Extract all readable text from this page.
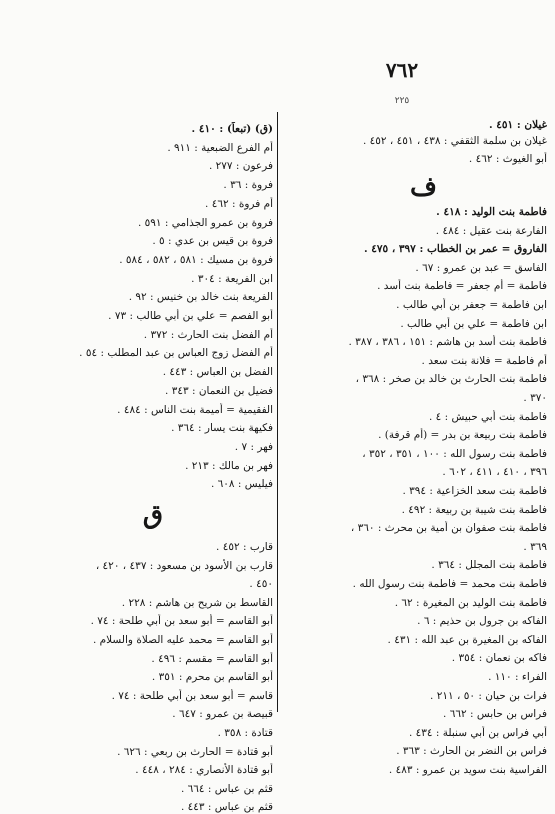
٧٦٢
٢٢٥
غيلان : ٤٥١ .
غيلان بن سلمة الثقفي : ٤٣٨ ، ٤٥١ ، ٤٥٢ .
أبو الغيوث : ٤٦٢ .
ف
فاطمة بنت الوليد : ٤١٨ .
الفارعة بنت عقيل : ٤٨٤ .
الفاروق = عمر بن الخطاب : ٣٩٧ ، ٤٧٥ .
الفاسق = عبد بن عمرو : ٦٧ .
فاطمة = أم جعفر = فاطمة بنت أسد .
ابن فاطمة = جعفر بن أبي طالب .
ابن فاطمة = علي بن أبي طالب .
فاطمة بنت أسد بن هاشم : ١٥١ ، ٣٨٦ ، ٣٨٧ .
أم فاطمة = فلانة بنت سعد .
فاطمة بنت الحارث بن خالد بن صخر : ٣٦٨ ،
٣٧٠ .
فاطمة بنت أبي حبيش : ٤ .
فاطمة بنت ربيعة بن بدر = (أم قرفة) .
فاطمة بنت رسول الله : ١٠٠ ، ٣٥١ ، ٣٥٢ ،
٣٩٦ ، ٤١٠ ، ٤١١ ، ٦٠٢ .
فاطمة بنت سعد الخزاعية : ٣٩٤ .
فاطمة بنت شيبة بن ربيعة : ٤٩٢ .
فاطمة بنت صفوان بن أمية بن محرث : ٣٦٠ ،
٣٦٩ .
فاطمة بنت المجلل : ٣٦٤ .
فاطمة بنت محمد = فاطمة بنت رسول الله .
فاطمة بنت الوليد بن المغيرة : ٦٢ .
الفاكه بن جرول بن حذيم : ٦ .
الفاكه بن المغيرة بن عبد الله : ٤٣١ .
فاكه بن نعمان : ٣٥٤ .
الفراء : ١١٠ .
فرات بن حيان : ٥٠ ، ٢١١ .
فراس بن حابس : ٦٦٢ .
أبي فراس بن أبي سنبلة : ٤٣٤ .
فراس بن النضر بن الحارث : ٣٦٣ .
الفراسية بنت سويد بن عمرو : ٤٨٣ .
(ق) (تبعاً) : ٤١٠ .
أم الفرع الضبعية : ٩١١ .
فرعون : ٢٧٧ .
فروة : ٣٦ .
أم فروة : ٤٦٢ .
فروة بن عمرو الجذامي : ٥٩١ .
فروة بن قيس بن عدي : ٥ .
فروة بن مسيك : ٥٨١ ، ٥٨٢ ، ٥٨٤ .
ابن الفريعة : ٣٠٤ .
الفريعة بنت خالد بن خنيس : ٩٢ .
أبو الفصم = علي بن أبي طالب : ٧٣ .
أم الفضل بنت الحارث : ٣٧٢ .
أم الفضل زوج العباس بن عبد المطلب : ٥٤ .
الفضل بن العباس : ٤٤٣ .
فضيل بن النعمان : ٣٤٣ .
الفقيمية = أميمة بنت الناس : ٤٨٤ .
فكيهة بنت يسار : ٣٦٤ .
فهر : ٧ .
فهر بن مالك : ٢١٣ .
فيليس : ٦٠٨ .
ق
قارب : ٤٥٢ .
قارب بن الأسود بن مسعود : ٤٣٧ ، ٤٢٠ ،
٤٥٠ .
القاسط بن شريح بن هاشم : ٢٢٨ .
أبو القاسم = أبو سعد بن أبي طلحة : ٧٤ .
أبو القاسم = محمد عليه الصلاة والسلام .
أبو القاسم = مقسم : ٤٩٦ .
أبو القاسم بن محرم : ٣٥١ .
قاسم = أبو سعد بن أبي طلحة : ٧٤ .
قبيصة بن عمرو : ٦٤٧ .
قتادة : ٣٥٨ .
أبو قتادة = الحارث بن ربعي : ٦٢٦ .
أبو قتادة الأنصاري : ٢٨٤ ، ٤٤٨ .
قثم بن عباس : ٦٦٤ .
قثم بن عباس : ٤٤٣ .
